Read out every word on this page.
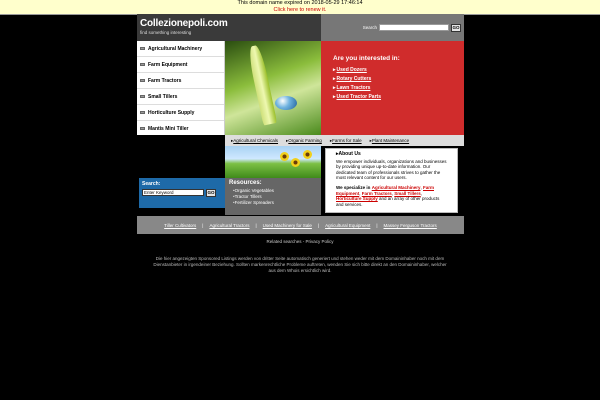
This domain name expired on 2018-05-29 17:46:14
Click here to renew it.
Collezionepoli.com
find something interesting
Search	GO
Agricultural Machinery
Farm Equipment
Farm Tractors
Small Tillers
Horticulture Supply
Mantis Mini Tiller
Are you interested in:
▸ Used Dozers
▸ Rotary Cutters
▸ Lawn Tractors
▸ Used Tractor Parts
Search:
Enter Keyword	GO
▸ Agricultural Chemicals	▸ Organic Farming	▸ Farms for Sale	▸ Plant Maintenance
Resources:
• Organic Vegetables
• Tractor Tillers
• Fertilizer Spreaders
▸ About Us

We empower individuals, organizations and businesses by providing unique up-to-date information. Our dedicated team of professionals strives to gather the most relevant content for our users.

We specialize in Agricultural Machinery, Farm Equipment, Farm Tractors, Small Tillers, Horticulture Supply and an array of other products and services.

Tiller Cultivators | Agricultural Tractors | Used Machinery for Sale | Agricultural Equipment | Massey Ferguson Tractors
Related searches - Privacy Policy
Die hier angezeigten Sponsored Listings werden von dritter Seite automatisch generiert und stehen weder mit dem Domaininhaber noch mit dem Dienstanbieter in irgendeiner Beziehung. Sollten markenrechtliche Probleme auftreten, wenden Sie sich bitte direkt an den Domaininhaber, welcher aus dem Whois ersichtlich wird.
